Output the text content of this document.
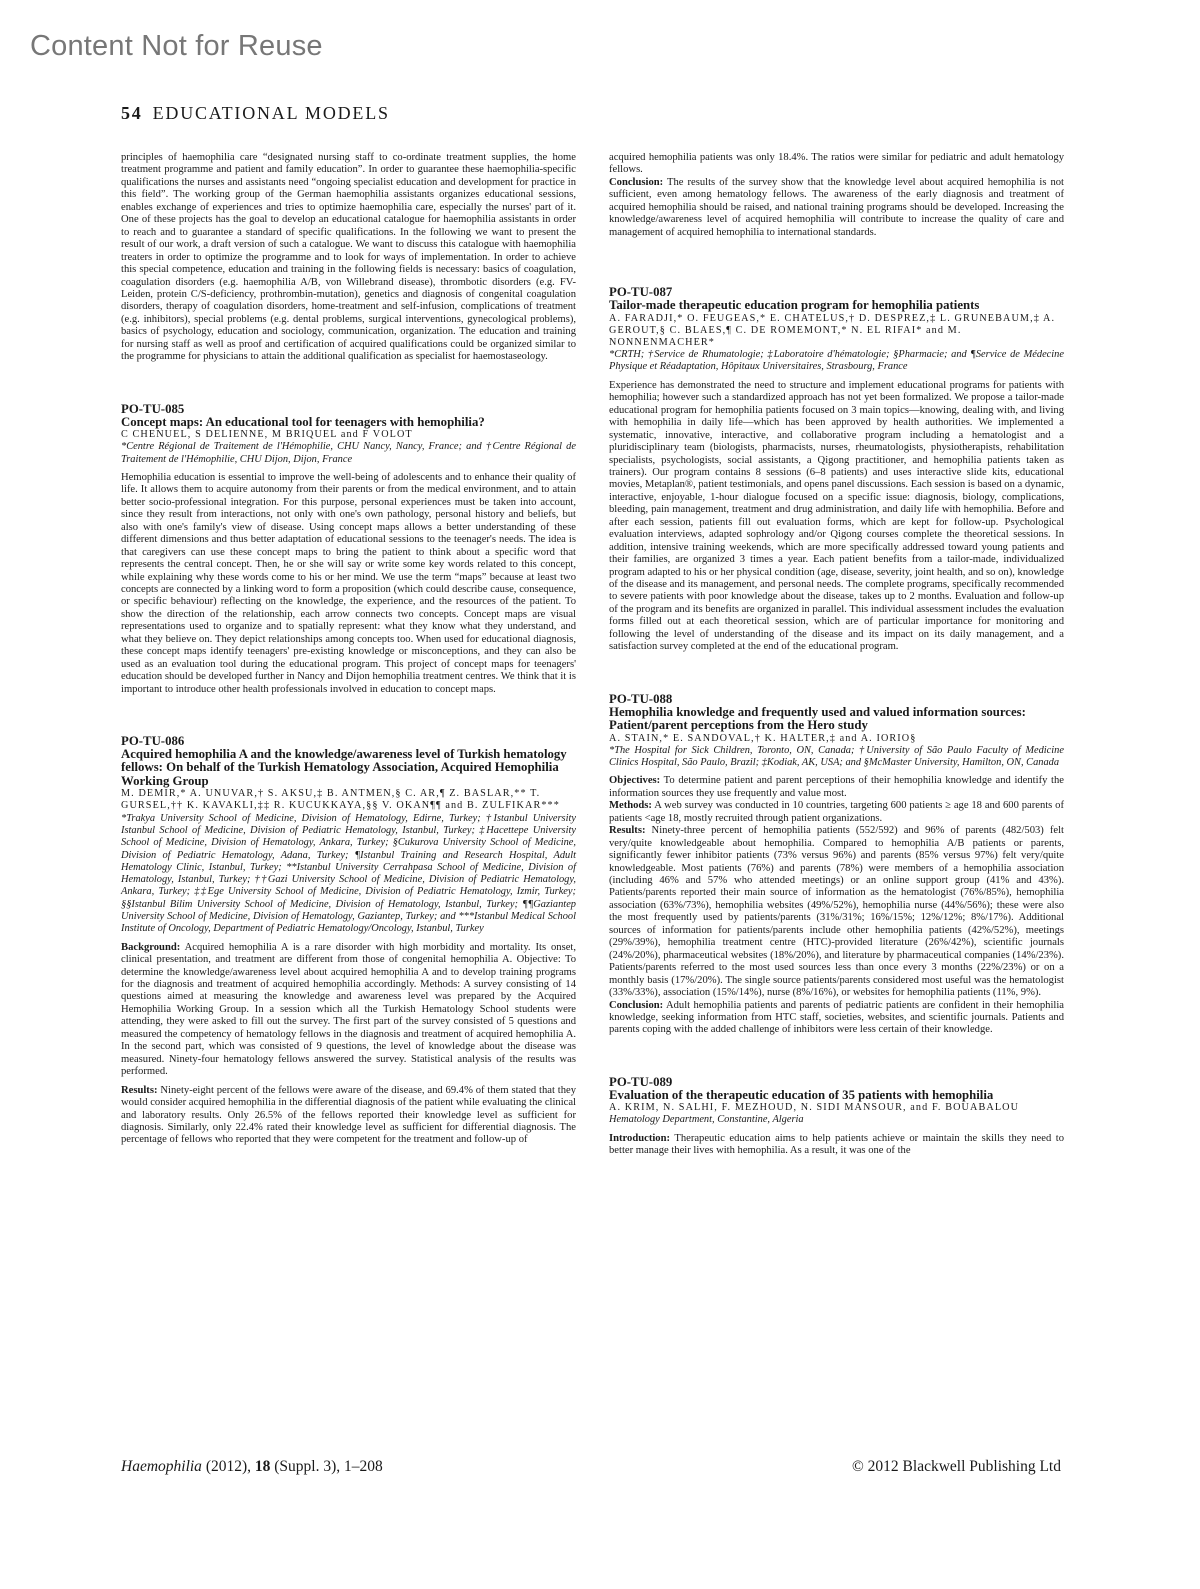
Content Not for Reuse
54 EDUCATIONAL MODELS

principles of haemophilia care “designated nursing staff to co-ordinate treatment supplies, the home treatment programme and patient and family education”. In order to guarantee these haemophilia-specific qualifications the nurses and assistants need “ongoing specialist education and development for practice in this field”. The working group of the German haemophilia assistants organizes educational sessions, enables exchange of experiences and tries to optimize haemophilia care, especially the nurses' part of it. One of these projects has the goal to develop an educational catalogue for haemophilia assistants in order to reach and to guarantee a standard of specific qualifications. In the following we want to present the result of our work, a draft version of such a catalogue. We want to discuss this catalogue with haemophilia treaters in order to optimize the programme and to look for ways of implementation. In order to achieve this special competence, education and training in the following fields is necessary: basics of coagulation, coagulation disorders (e.g. haemophilia A/B, von Willebrand disease), thrombotic disorders (e.g. FV-Leiden, protein C/S-deficiency, prothrombin-mutation), genetics and diagnosis of congenital coagulation disorders, therapy of coagulation disorders, home-treatment and self-infusion, complications of treatment (e.g. inhibitors), special problems (e.g. dental problems, surgical interventions, gynecological problems), basics of psychology, education and sociology, communication, organization. The education and training for nursing staff as well as proof and certification of acquired qualifications could be organized similar to the programme for physicians to attain the additional qualification as specialist for haemostaseology.

PO-TU-085

Concept maps: An educational tool for teenagers with hemophilia?

C CHENUEL, S DELIENNE, M BRIQUEL and F VOLOT

*Centre Régional de Traitement de l'Hémophilie, CHU Nancy, Nancy, France; and †Centre Régional de Traitement de l'Hémophilie, CHU Dijon, Dijon, France

Hemophilia education is essential to improve the well-being of adolescents and to enhance their quality of life. It allows them to acquire autonomy from their parents or from the medical environment, and to attain better socio-professional integration. For this purpose, personal experiences must be taken into account, since they result from interactions, not only with one's own pathology, personal history and beliefs, but also with one's family's view of disease. Using concept maps allows a better understanding of these different dimensions and thus better adaptation of educational sessions to the teenager's needs. The idea is that caregivers can use these concept maps to bring the patient to think about a specific word that represents the central concept. Then, he or she will say or write some key words related to this concept, while explaining why these words come to his or her mind. We use the term “maps” because at least two concepts are connected by a linking word to form a proposition (which could describe cause, consequence, or specific behaviour) reflecting on the knowledge, the experience, and the resources of the patient. To show the direction of the relationship, each arrow connects two concepts. Concept maps are visual representations used to organize and to spatially represent: what they know what they understand, and what they believe on. They depict relationships among concepts too. When used for educational diagnosis, these concept maps identify teenagers' pre-existing knowledge or misconceptions, and they can also be used as an evaluation tool during the educational program. This project of concept maps for teenagers' education should be developed further in Nancy and Dijon hemophilia treatment centres. We think that it is important to introduce other health professionals involved in education to concept maps.

PO-TU-086

Acquired hemophilia A and the knowledge/awareness level of Turkish hematology fellows: On behalf of the Turkish Hematology Association, Acquired Hemophilia Working Group

M. DEMIR,* A. UNUVAR,† S. AKSU,‡ B. ANTMEN,§ C. AR,¶ Z. BASLAR,** T. GURSEL,†† K. KAVAKLI,‡‡ R. KUCUKKAYA,§§ V. OKAN¶¶ and B. ZULFIKAR***

*Trakya University School of Medicine, Division of Hematology, Edirne, Turkey; †Istanbul University Istanbul School of Medicine, Division of Pediatric Hematology, Istanbul, Turkey; ‡Hacettepe University School of Medicine, Division of Hematology, Ankara, Turkey; §Cukurova University School of Medicine, Division of Pediatric Hematology, Adana, Turkey; ¶Istanbul Training and Research Hospital, Adult Hematology Clinic, Istanbul, Turkey; **Istanbul University Cerrahpasa School of Medicine, Division of Hematology, Istanbul, Turkey; ††Gazi University School of Medicine, Division of Pediatric Hematology, Ankara, Turkey; ‡‡Ege University School of Medicine, Division of Pediatric Hematology, Izmir, Turkey; §§Istanbul Bilim University School of Medicine, Division of Hematology, Istanbul, Turkey; ¶¶Gaziantep University School of Medicine, Division of Hematology, Gaziantep, Turkey; and ***Istanbul Medical School Institute of Oncology, Department of Pediatric Hematology/Oncology, Istanbul, Turkey

Background: Acquired hemophilia A is a rare disorder with high morbidity and mortality. Its onset, clinical presentation, and treatment are different from those of congenital hemophilia A. Objective: To determine the knowledge/awareness level about acquired hemophilia A and to develop training programs for the diagnosis and treatment of acquired hemophilia accordingly. Methods: A survey consisting of 14 questions aimed at measuring the knowledge and awareness level was prepared by the Acquired Hemophilia Working Group. In a session which all the Turkish Hematology School students were attending, they were asked to fill out the survey. The first part of the survey consisted of 5 questions and measured the competency of hematology fellows in the diagnosis and treatment of acquired hemophilia A. In the second part, which was consisted of 9 questions, the level of knowledge about the disease was measured. Ninety-four hematology fellows answered the survey. Statistical analysis of the results was performed.

Results: Ninety-eight percent of the fellows were aware of the disease, and 69.4% of them stated that they would consider acquired hemophilia in the differential diagnosis of the patient while evaluating the clinical and laboratory results. Only 26.5% of the fellows reported their knowledge level as sufficient for diagnosis. Similarly, only 22.4% rated their knowledge level as sufficient for differential diagnosis. The percentage of fellows who reported that they were competent for the treatment and follow-up of

acquired hemophilia patients was only 18.4%. The ratios were similar for pediatric and adult hematology fellows.

Conclusion: The results of the survey show that the knowledge level about acquired hemophilia is not sufficient, even among hematology fellows. The awareness of the early diagnosis and treatment of acquired hemophilia should be raised, and national training programs should be developed. Increasing the knowledge/awareness level of acquired hemophilia will contribute to increase the quality of care and management of acquired hemophilia to international standards.

PO-TU-087

Tailor-made therapeutic education program for hemophilia patients

A. FARADJI,* O. FEUGEAS,* E. CHATELUS,† D. DESPREZ,‡ L. GRUNEBAUM,‡ A. GEROUT,§ C. BLAES,¶ C. DE ROMEMONT,* N. EL RIFAI* and M. NONNENMACHER*

*CRTH; †Service de Rhumatologie; ‡Laboratoire d'hématologie; §Pharmacie; and ¶Service de Médecine Physique et Réadaptation, Hôpitaux Universitaires, Strasbourg, France

Experience has demonstrated the need to structure and implement educational programs for patients with hemophilia; however such a standardized approach has not yet been formalized. We propose a tailor-made educational program for hemophilia patients focused on 3 main topics—knowing, dealing with, and living with hemophilia in daily life—which has been approved by health authorities. We implemented a systematic, innovative, interactive, and collaborative program including a hematologist and a pluridisciplinary team (biologists, pharmacists, nurses, rheumatologists, physiotherapists, rehabilitation specialists, psychologists, social assistants, a Qigong practitioner, and hemophilia patients taken as trainers). Our program contains 8 sessions (6–8 patients) and uses interactive slide kits, educational movies, Metaplan®, patient testimonials, and opens panel discussions. Each session is based on a dynamic, interactive, enjoyable, 1-hour dialogue focused on a specific issue: diagnosis, biology, complications, bleeding, pain management, treatment and drug administration, and daily life with hemophilia. Before and after each session, patients fill out evaluation forms, which are kept for follow-up. Psychological evaluation interviews, adapted sophrology and/or Qigong courses complete the theoretical sessions. In addition, intensive training weekends, which are more specifically addressed toward young patients and their families, are organized 3 times a year. Each patient benefits from a tailor-made, individualized program adapted to his or her physical condition (age, disease, severity, joint health, and so on), knowledge of the disease and its management, and personal needs. The complete programs, specifically recommended to severe patients with poor knowledge about the disease, takes up to 2 months. Evaluation and follow-up of the program and its benefits are organized in parallel. This individual assessment includes the evaluation forms filled out at each theoretical session, which are of particular importance for monitoring and following the level of understanding of the disease and its impact on its daily management, and a satisfaction survey completed at the end of the educational program.

PO-TU-088

Hemophilia knowledge and frequently used and valued information sources: Patient/parent perceptions from the Hero study

A. STAIN,* E. SANDOVAL,† K. HALTER,‡ and A. IORIO§

*The Hospital for Sick Children, Toronto, ON, Canada; †University of São Paulo Faculty of Medicine Clinics Hospital, São Paulo, Brazil; ‡Kodiak, AK, USA; and §McMaster University, Hamilton, ON, Canada

Objectives: To determine patient and parent perceptions of their hemophilia knowledge and identify the information sources they use frequently and value most.

Methods: A web survey was conducted in 10 countries, targeting 600 patients ≥ age 18 and 600 parents of patients <age 18, mostly recruited through patient organizations.

Results: Ninety-three percent of hemophilia patients (552/592) and 96% of parents (482/503) felt very/quite knowledgeable about hemophilia. Compared to hemophilia A/B patients or parents, significantly fewer inhibitor patients (73% versus 96%) and parents (85% versus 97%) felt very/quite knowledgeable. Most patients (76%) and parents (78%) were members of a hemophilia association (including 46% and 57% who attended meetings) or an online support group (41% and 43%). Patients/parents reported their main source of information as the hematologist (76%/85%), hemophilia association (63%/73%), hemophilia websites (49%/52%), hemophilia nurse (44%/56%); these were also the most frequently used by patients/parents (31%/31%; 16%/15%; 12%/12%; 8%/17%). Additional sources of information for patients/parents include other hemophilia patients (42%/52%), meetings (29%/39%), hemophilia treatment centre (HTC)-provided literature (26%/42%), scientific journals (24%/20%), pharmaceutical websites (18%/20%), and literature by pharmaceutical companies (14%/23%). Patients/parents referred to the most used sources less than once every 3 months (22%/23%) or on a monthly basis (17%/20%). The single source patients/parents considered most useful was the hematologist (33%/33%), association (15%/14%), nurse (8%/16%), or websites for hemophilia patients (11%, 9%).

Conclusion: Adult hemophilia patients and parents of pediatric patients are confident in their hemophilia knowledge, seeking information from HTC staff, societies, websites, and scientific journals. Patients and parents coping with the added challenge of inhibitors were less certain of their knowledge.

PO-TU-089

Evaluation of the therapeutic education of 35 patients with hemophilia

A. KRIM, N. SALHI, F. MEZHOUD, N. SIDI MANSOUR, and F. BOUABALOU

Hematology Department, Constantine, Algeria

Introduction: Therapeutic education aims to help patients achieve or maintain the skills they need to better manage their lives with hemophilia. As a result, it was one of the

Haemophilia (2012), 18 (Suppl. 3), 1–208	© 2012 Blackwell Publishing Ltd
